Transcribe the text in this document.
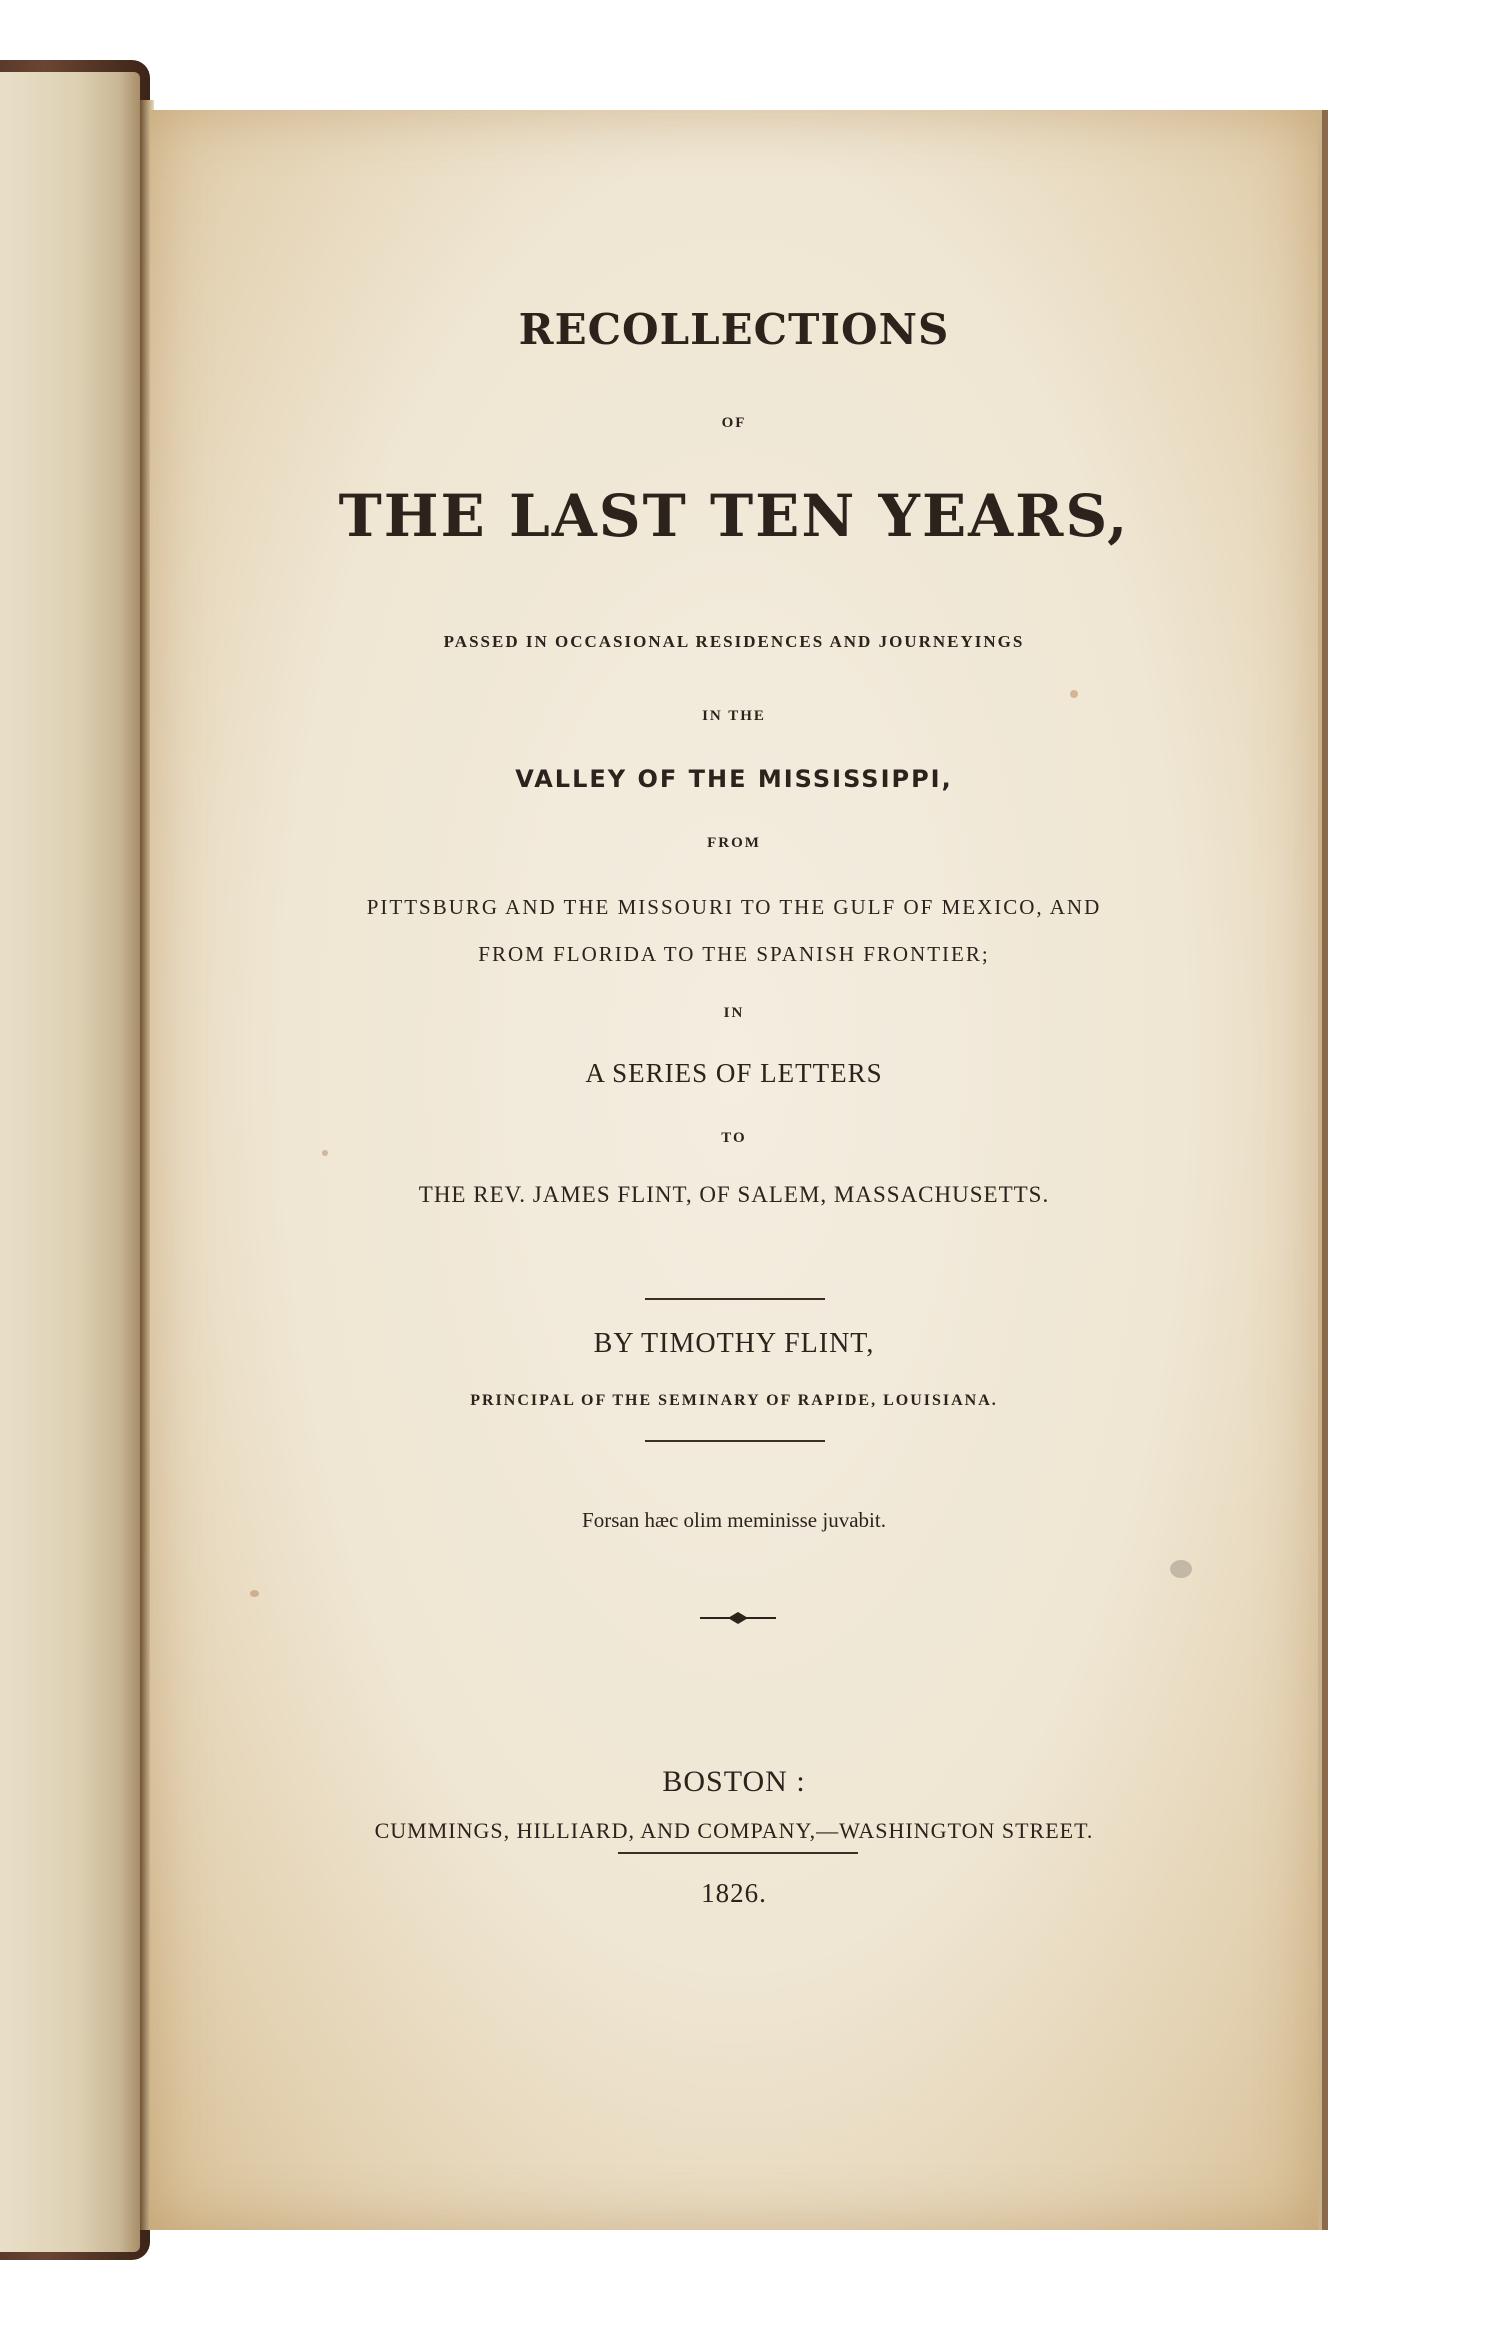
RECOLLECTIONS
OF
THE LAST TEN YEARS,
PASSED IN OCCASIONAL RESIDENCES AND JOURNEYINGS
IN THE
VALLEY OF THE MISSISSIPPI,
FROM
PITTSBURG AND THE MISSOURI TO THE GULF OF MEXICO, AND
FROM FLORIDA TO THE SPANISH FRONTIER;
IN
A SERIES OF LETTERS
TO
THE REV. JAMES FLINT, OF SALEM, MASSACHUSETTS.
BY TIMOTHY FLINT,
PRINCIPAL OF THE SEMINARY OF RAPIDE, LOUISIANA.
Forsan hæc olim meminisse juvabit.
BOSTON :
CUMMINGS, HILLIARD, AND COMPANY,—WASHINGTON STREET.
1826.
